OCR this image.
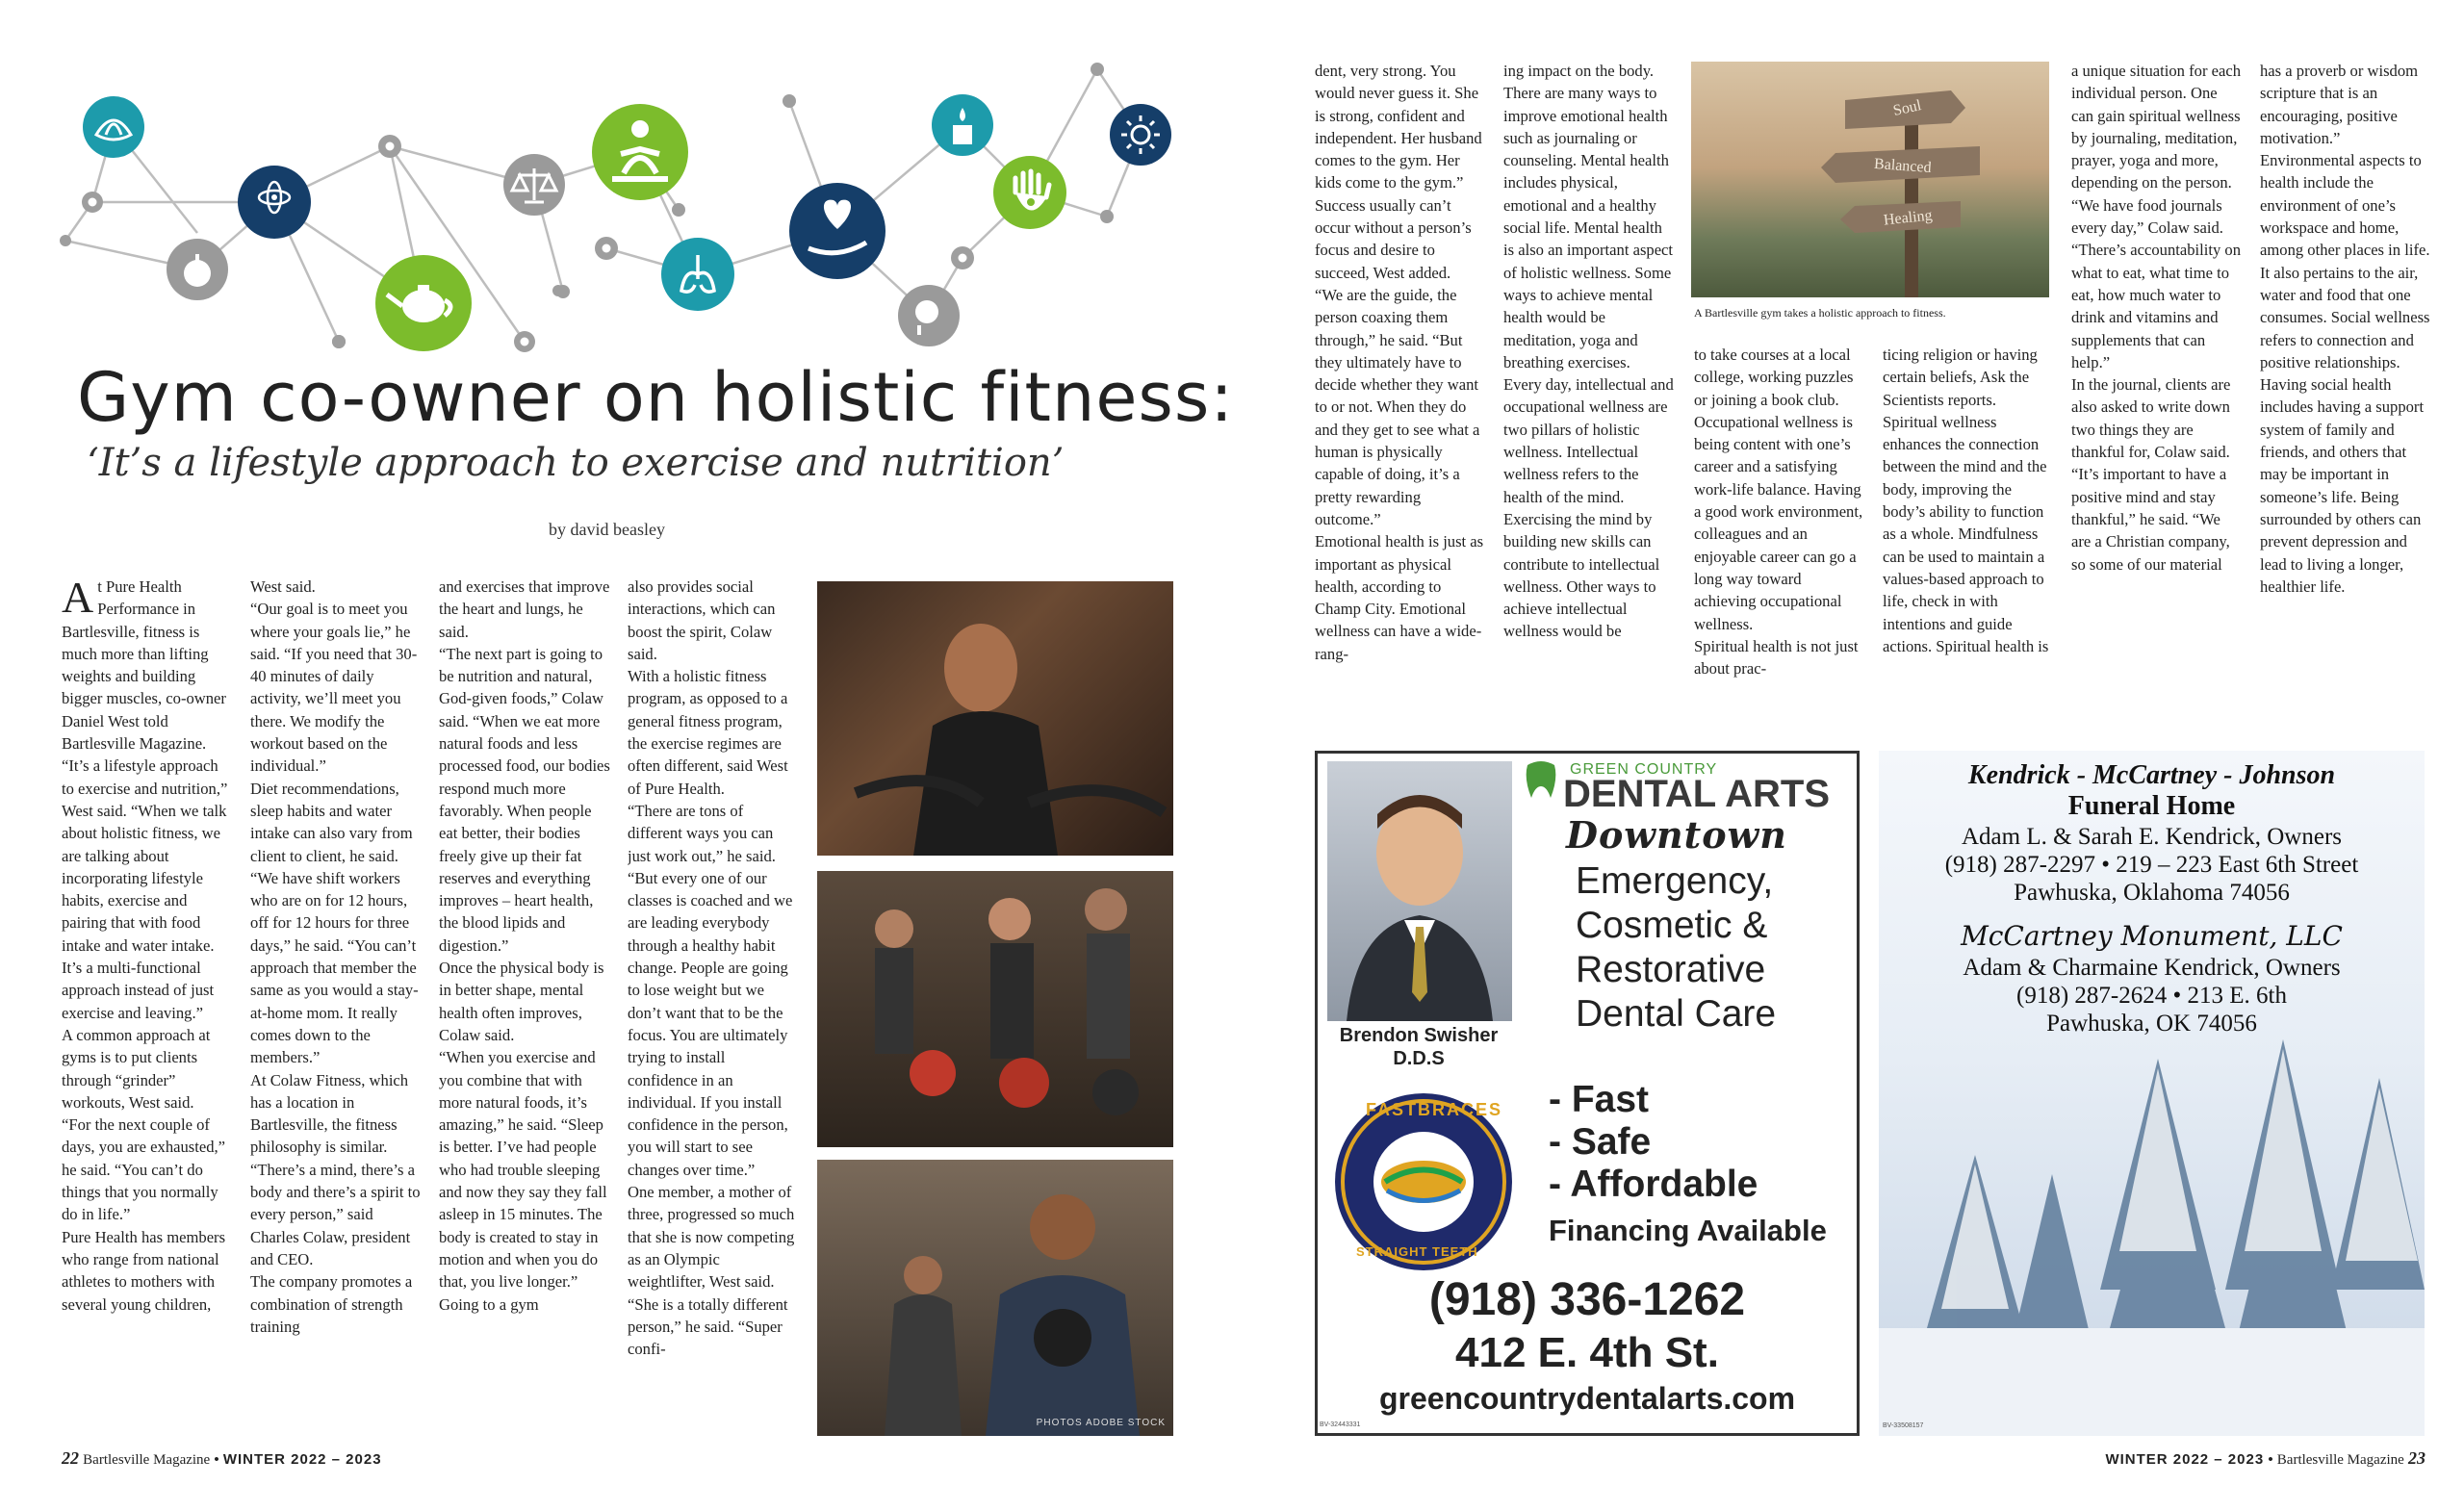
Gym co-owner on holistic fitness:
‘It’s a lifestyle approach to exercise and nutrition’
by david beasley
A t Pure Health Performance in Bartlesville, fitness is much more than lifting weights and building bigger muscles, co-owner Daniel West told Bartlesville Magazine.
“It’s a lifestyle approach to exercise and nutrition,” West said. “When we talk about holistic fitness, we are talking about incorporating lifestyle habits, exercise and pairing that with food intake and water intake. It’s a multi-functional approach instead of just exercise and leaving.”
A common approach at gyms is to put clients through “grinder” workouts, West said.
“For the next couple of days, you are exhausted,” he said. “You can’t do things that you normally do in life.”
Pure Health has members who range from national athletes to mothers with several young children,

West said.
“Our goal is to meet you where your goals lie,” he said. “If you need that 30-40 minutes of daily activity, we’ll meet you there. We modify the workout based on the individual.”
Diet recommendations, sleep habits and water intake can also vary from client to client, he said.
“We have shift workers who are on for 12 hours, off for 12 hours for three days,” he said. “You can’t approach that member the same as you would a stay-at-home mom. It really comes down to the members.”
At Colaw Fitness, which has a location in Bartlesville, the fitness philosophy is similar.
“There’s a mind, there’s a body and there’s a spirit to every person,” said Charles Colaw, president and CEO.
The company promotes a combination of strength training

and exercises that improve the heart and lungs, he said.
“The next part is going to be nutrition and natural, God-given foods,” Colaw said. “When we eat more natural foods and less processed food, our bodies respond much more favorably. When people eat better, their bodies freely give up their fat reserves and everything improves – heart health, the blood lipids and digestion.”
Once the physical body is in better shape, mental health often improves, Colaw said.
“When you exercise and you combine that with more natural foods, it’s amazing,” he said. “Sleep is better. I’ve had people who had trouble sleeping and now they say they fall asleep in 15 minutes. The body is created to stay in motion and when you do that, you live longer.”
Going to a gym

also provides social interactions, which can boost the spirit, Colaw said.
With a holistic fitness program, as opposed to a general fitness program, the exercise regimes are often different, said West of Pure Health.
“There are tons of different ways you can just work out,” he said. “But every one of our classes is coached and we are leading everybody through a healthy habit change. People are going to lose weight but we don’t want that to be the focus. You are ultimately trying to install confidence in an individual. If you install confidence in the person, you will start to see changes over time.”
One member, a mother of three, progressed so much that she is now competing as an Olympic weightlifter, West said.
“She is a totally different person,” he said. “Super confi-

PHOTOS ADOBE STOCK

dent, very strong. You would never guess it. She is strong, confident and independent. Her husband comes to the gym. Her kids come to the gym.”
Success usually can’t occur without a person’s focus and desire to succeed, West added.
“We are the guide, the person coaxing them through,” he said. “But they ultimately have to decide whether they want to or not. When they do and they get to see what a human is physically capable of doing, it’s a pretty rewarding outcome.”
Emotional health is just as important as physical health, according to Champ City. Emotional wellness can have a wide-rang-

ing impact on the body. There are many ways to improve emotional health such as journaling or counseling. Mental health includes physical, emotional and a healthy social life. Mental health is also an important aspect of holistic wellness. Some ways to achieve mental health would be meditation, yoga and breathing exercises.
Every day, intellectual and occupational wellness are two pillars of holistic wellness. Intellectual wellness refers to the health of the mind. Exercising the mind by building new skills can contribute to intellectual wellness. Other ways to achieve intellectual wellness would be

Soul
Balanced
Healing
A Bartlesville gym takes a holistic approach to fitness.

to take courses at a local college, working puzzles or joining a book club. Occupational wellness is being content with one’s career and a satisfying work-life balance. Having a good work environment, colleagues and an enjoyable career can go a long way toward achieving occupational wellness.
Spiritual health is not just about prac-

ticing religion or having certain beliefs, Ask the Scientists reports. Spiritual wellness enhances the connection between the mind and the body, improving the body’s ability to function as a whole. Mindfulness can be used to maintain a values-based approach to life, check in with intentions and guide actions. Spiritual health is

a unique situation for each individual person. One can gain spiritual wellness by journaling, meditation, prayer, yoga and more, depending on the person.
“We have food journals every day,” Colaw said. “There’s accountability on what to eat, what time to eat, how much water to drink and vitamins and supplements that can help.”
In the journal, clients are also asked to write down two things they are thankful for, Colaw said.
“It’s important to have a positive mind and stay thankful,” he said. “We are a Christian company, so some of our material

has a proverb or wisdom scripture that is an encouraging, positive motivation.”
Environmental aspects to health include the environment of one’s workspace and home, among other places in life. It also pertains to the air, water and food that one consumes. Social wellness refers to connection and positive relationships. Having social health includes having a support system of family and friends, and others that may be important in someone’s life. Being surrounded by others can prevent depression and lead to living a longer, healthier life.

Brendon Swisher
D.D.S
GREEN COUNTRY
DENTAL ARTS
Downtown
Emergency,
Cosmetic &
Restorative
Dental Care
FASTBRACES
STRAIGHT TEETH
- Fast
- Safe
- Affordable
Financing Available
(918) 336-1262
412 E. 4th St.
greencountrydentalarts.com
BV-32443331
Kendrick - McCartney - Johnson
Funeral Home
Adam L. & Sarah E. Kendrick, Owners
(918) 287-2297 • 219 – 223 East 6th Street
Pawhuska, Oklahoma 74056
McCartney Monument, LLC
Adam & Charmaine Kendrick, Owners
(918) 287-2624 • 213 E. 6th
Pawhuska, OK 74056
BV-33508157
22 Bartlesville Magazine • WINTER 2022 – 2023	WINTER 2022 – 2023 • Bartlesville Magazine 23
